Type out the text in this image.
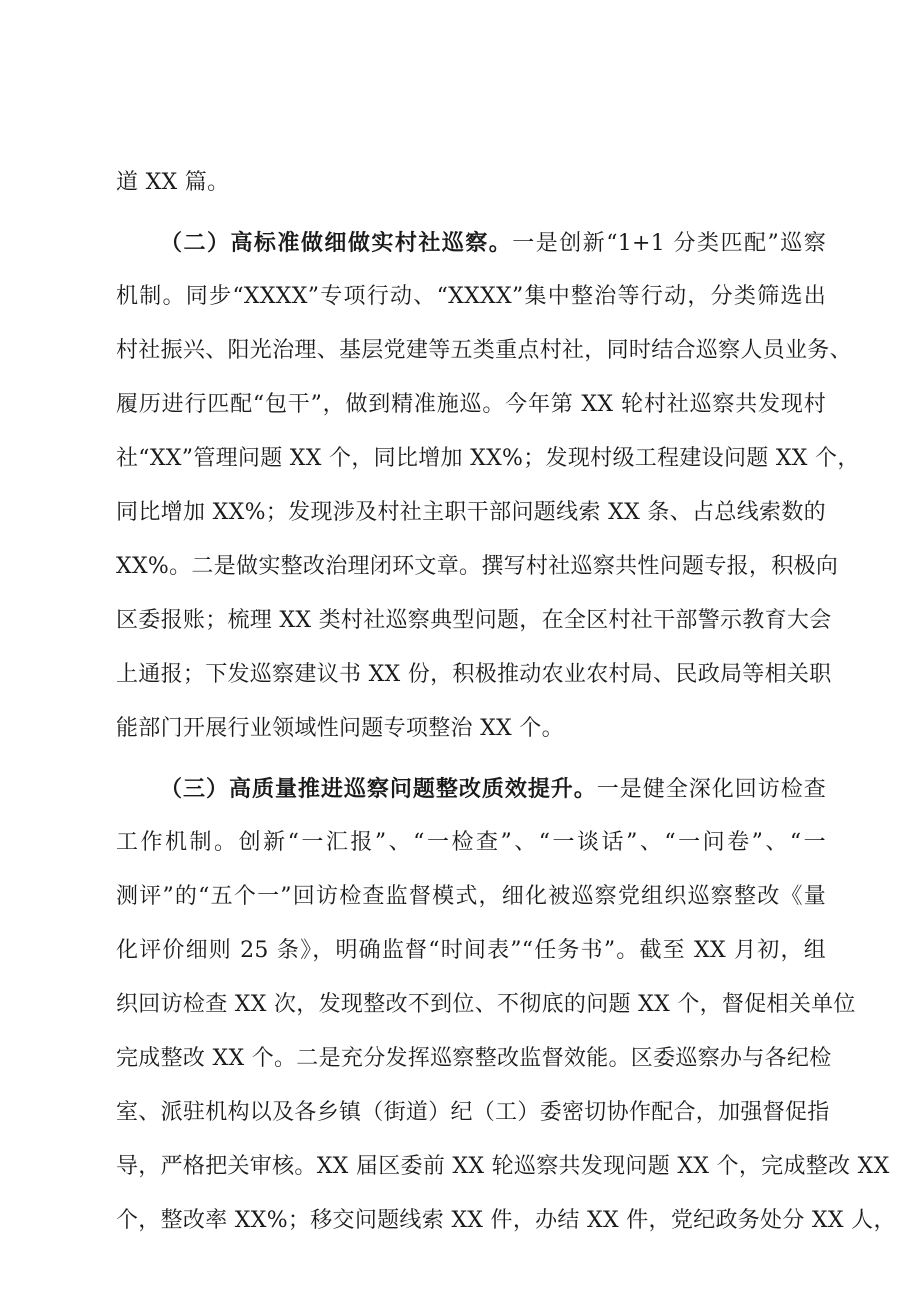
道 XX 篇。
（二）高标准做细做实村社巡察。一是创新“1+1 分类匹配”巡察
机制。同步“XXXX”专项行动、“XXXX”集中整治等行动，分类筛选出
村社振兴、阳光治理、基层党建等五类重点村社，同时结合巡察人员业务、
履历进行匹配“包干”，做到精准施巡。今年第 XX 轮村社巡察共发现村
社“XX”管理问题 XX 个，同比增加 XX%；发现村级工程建设问题 XX 个，
同比增加 XX%；发现涉及村社主职干部问题线索 XX 条、占总线索数的
XX%。二是做实整改治理闭环文章。撰写村社巡察共性问题专报，积极向
区委报账；梳理 XX 类村社巡察典型问题，在全区村社干部警示教育大会
上通报；下发巡察建议书 XX 份，积极推动农业农村局、民政局等相关职
能部门开展行业领域性问题专项整治 XX 个。
（三）高质量推进巡察问题整改质效提升。一是健全深化回访检查
工作机制。创新“一汇报”、“一检查”、“一谈话”、“一问卷”、“一
测评”的“五个一”回访检查监督模式，细化被巡察党组织巡察整改《量
化评价细则 25 条》，明确监督“时间表”“任务书”。截至 XX 月初，组
织回访检查 XX 次，发现整改不到位、不彻底的问题 XX 个，督促相关单位
完成整改 XX 个。二是充分发挥巡察整改监督效能。区委巡察办与各纪检
室、派驻机构以及各乡镇（街道）纪（工）委密切协作配合，加强督促指
导，严格把关审核。XX 届区委前 XX 轮巡察共发现问题 XX 个，完成整改 XX
个，整改率 XX%；移交问题线索 XX 件，办结 XX 件，党纪政务处分 XX 人，
